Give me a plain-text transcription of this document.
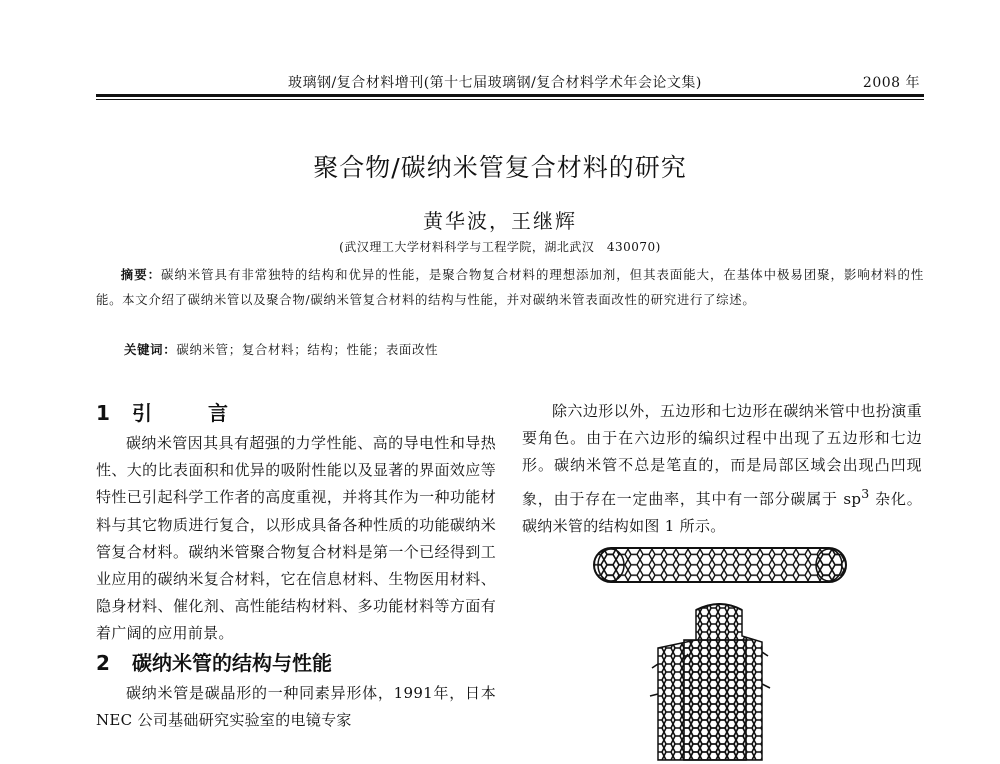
玻璃钢/复合材料增刊(第十七届玻璃钢/复合材料学术年会论文集)	2008 年
聚合物/碳纳米管复合材料的研究
黄华波，王继辉
(武汉理工大学材料科学与工程学院，湖北武汉　430070)
摘要：碳纳米管具有非常独特的结构和优异的性能，是聚合物复合材料的理想添加剂，但其表面能大，在基体中极易团聚，影响材料的性能。本文介绍了碳纳米管以及聚合物/碳纳米管复合材料的结构与性能，并对碳纳米管表面改性的研究进行了综述。
关键词：碳纳米管；复合材料；结构；性能；表面改性
1 引　言

碳纳米管因其具有超强的力学性能、高的导电性和导热性、大的比表面积和优异的吸附性能以及显著的界面效应等特性已引起科学工作者的高度重视，并将其作为一种功能材料与其它物质进行复合，以形成具备各种性质的功能碳纳米管复合材料。碳纳米管聚合物复合材料是第一个已经得到工业应用的碳纳米复合材料，它在信息材料、生物医用材料、隐身材料、催化剂、高性能结构材料、多功能材料等方面有着广阔的应用前景。

2 碳纳米管的结构与性能

碳纳米管是碳晶形的一种同素异形体，1991年，日本 NEC 公司基础研究实验室的电镜专家

除六边形以外，五边形和七边形在碳纳米管中也扮演重要角色。由于在六边形的编织过程中出现了五边形和七边形。碳纳米管不总是笔直的，而是局部区域会出现凸凹现象，由于存在一定曲率，其中有一部分碳属于 $sp^3$ 杂化。碳纳米管的结构如图 1 所示。
